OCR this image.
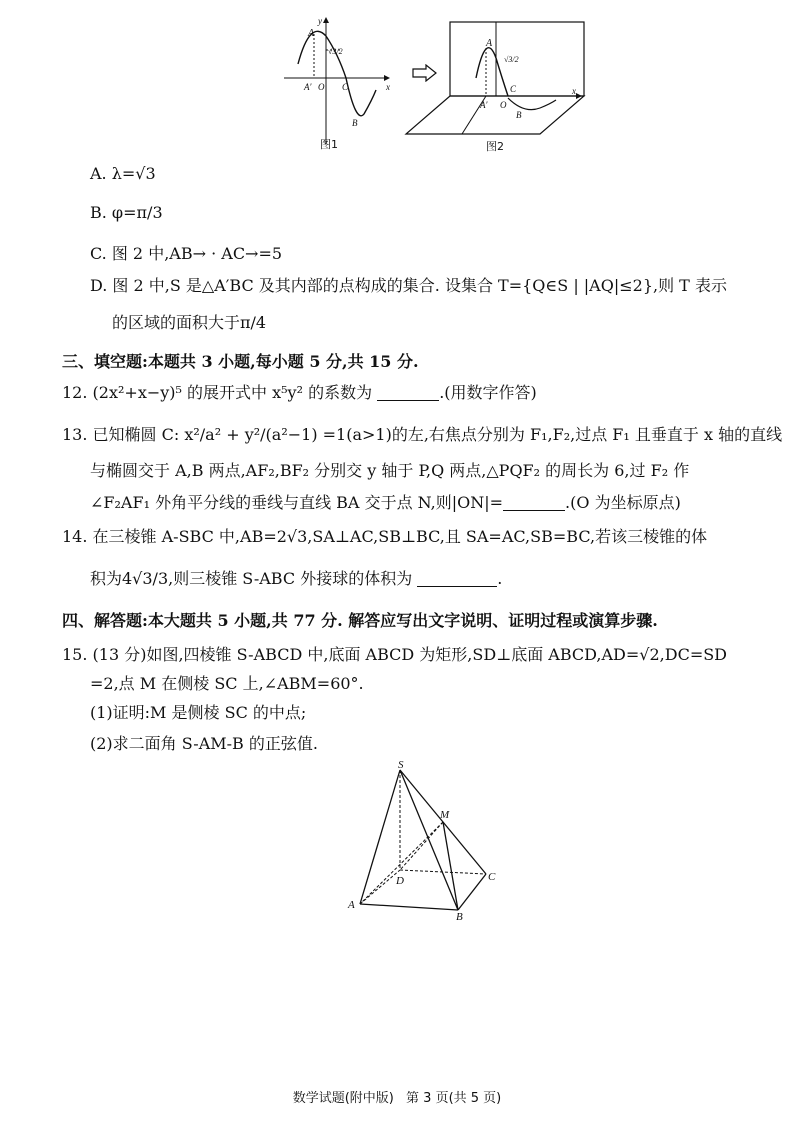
y
x
A
A′ O C
B
√3/2
图1
A
A′ O
C
B
x
√3/2
图2
A. λ=√3
B. φ=π/3
C. 图 2 中,AB→ · AC→=5
D. 图 2 中,S 是△A′BC 及其内部的点构成的集合. 设集合 T={Q∈S | |AQ|≤2},则 T 表示
的区域的面积大于π/4
三、填空题:本题共 3 小题,每小题 5 分,共 15 分.
12. (2x²+x−y)⁵ 的展开式中 x⁵y² 的系数为	.(用数字作答)
13. 已知椭圆 C: x²/a² + y²/(a²−1) =1(a>1)的左,右焦点分别为 F₁,F₂,过点 F₁ 且垂直于 x 轴的直线
与椭圆交于 A,B 两点,AF₂,BF₂ 分别交 y 轴于 P,Q 两点,△PQF₂ 的周长为 6,过 F₂ 作
∠F₂AF₁ 外角平分线的垂线与直线 BA 交于点 N,则|ON|=	.(O 为坐标原点)
14. 在三棱锥 A-SBC 中,AB=2√3,SA⊥AC,SB⊥BC,且 SA=AC,SB=BC,若该三棱锥的体
积为4√3/3,则三棱锥 S-ABC 外接球的体积为	.
四、解答题:本大题共 5 小题,共 77 分. 解答应写出文字说明、证明过程或演算步骤.
15. (13 分)如图,四棱锥 S-ABCD 中,底面 ABCD 为矩形,SD⊥底面 ABCD,AD=√2,DC=SD
=2,点 M 在侧棱 SC 上,∠ABM=60°.
(1)证明:M 是侧棱 SC 的中点;
(2)求二面角 S-AM-B 的正弦值.
S
M
D	C
A
B
数学试题(附中版) 第 3 页(共 5 页)
